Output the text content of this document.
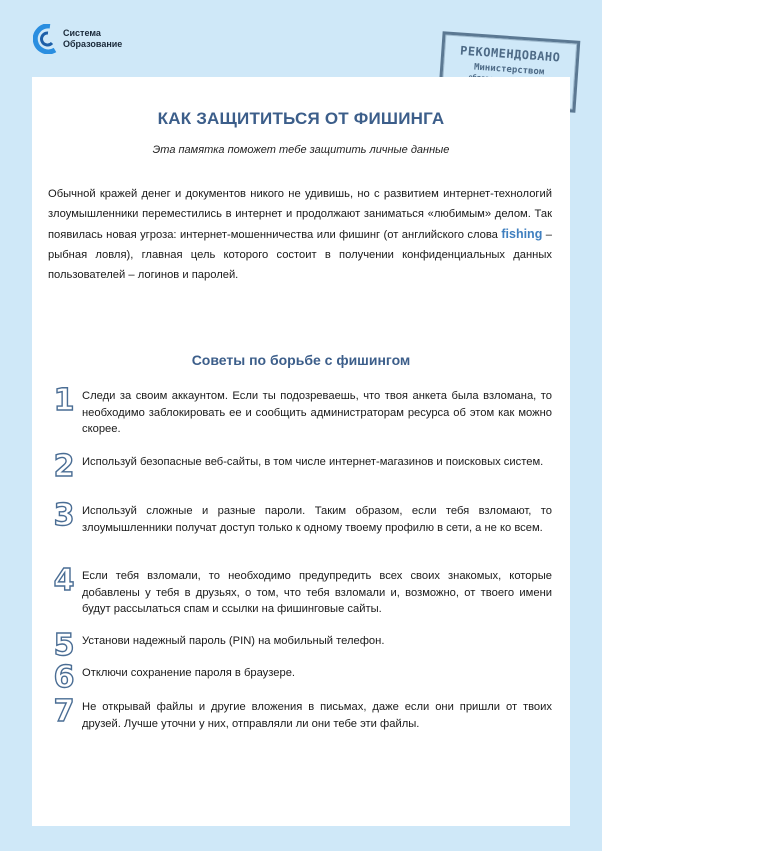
Система
Образование	РЕКОМЕНДОВАНО
Министерством
КАК ЗАЩИТИТЬСЯ ОТ ФИШИНГА
Эта памятка поможет тебе защитить личные данные
Обычной кражей денег и документов никого не удивишь, но с развитием интернет-технологий злоумышленники переместились в интернет и продолжают заниматься «любимым» делом. Так появилась новая угроза: интернет-мошенничества или фишинг (от английского слова fishing – рыбная ловля), главная цель которого состоит в получении конфиденциальных данных пользователей – логинов и паролей.
Советы по борьбе с фишингом
1 Следи за своим аккаунтом. Если ты подозреваешь, что твоя анкета была взломана, то необходимо заблокировать ее и сообщить администраторам ресурса об этом как можно скорее.
2 Используй безопасные веб-сайты, в том числе интернет-магазинов и поисковых систем.
3 Используй сложные и разные пароли. Таким образом, если тебя взломают, то злоумышленники получат доступ только к одному твоему профилю в сети, а не ко всем.
4 Если тебя взломали, то необходимо предупредить всех своих знакомых, которые добавлены у тебя в друзьях, о том, что тебя взломали и, возможно, от твоего имени будут рассылаться спам и ссылки на фишинговые сайты.
5 Установи надежный пароль (PIN) на мобильный телефон.
6 Отключи сохранение пароля в браузере.
7 Не открывай файлы и другие вложения в письмах, даже если они пришли от твоих друзей. Лучше уточни у них, отправляли ли они тебе эти файлы.
